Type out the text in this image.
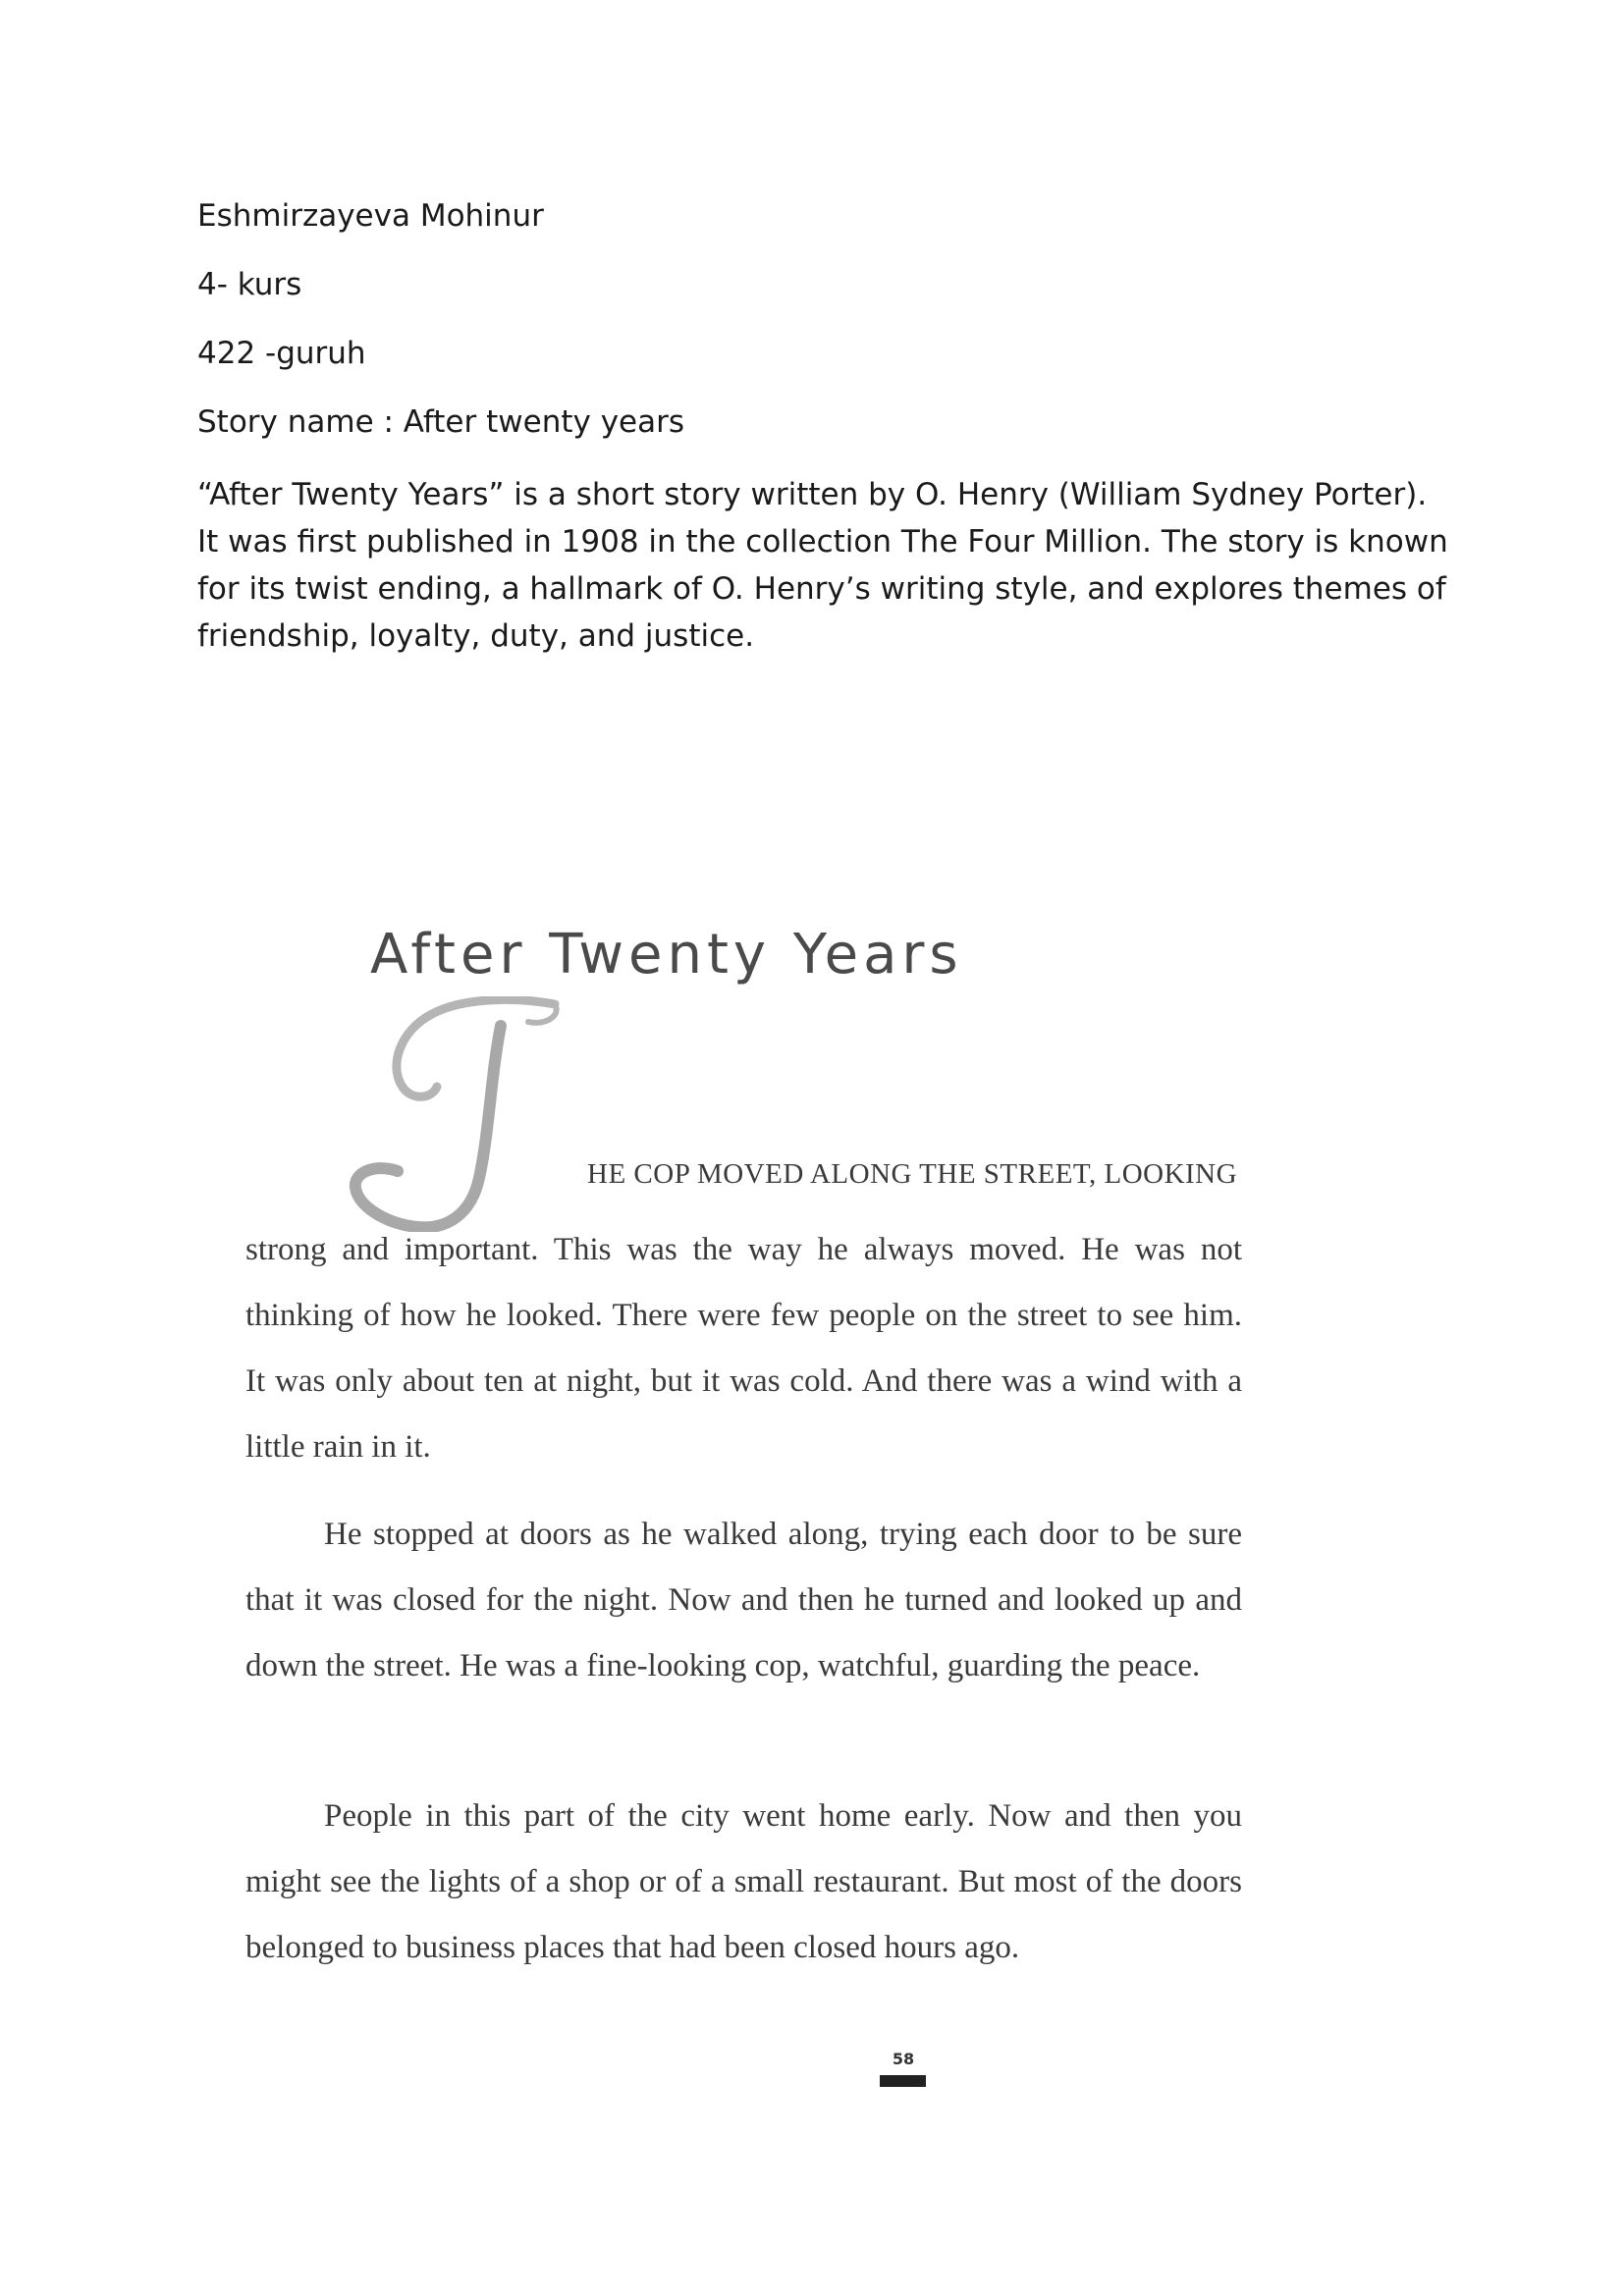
Eshmirzayeva Mohinur

4- kurs

422 -guruh

Story name : After twenty years

“After Twenty Years” is a short story written by O. Henry (William Sydney Porter). It was first published in 1908 in the collection The Four Million. The story is known for its twist ending, a hallmark of O. Henry’s writing style, and explores themes of friendship, loyalty, duty, and justice.

After Twenty Years
T
HE COP MOVED ALONG THE STREET, LOOKING

strong and important. This was the way he always moved. He was not thinking of how he looked. There were few people on the street to see him. It was only about ten at night, but it was cold. And there was a wind with a little rain in it.

He stopped at doors as he walked along, trying each door to be sure that it was closed for the night. Now and then he turned and looked up and down the street. He was a fine-looking cop, watchful, guarding the peace.

People in this part of the city went home early. Now and then you might see the lights of a shop or of a small restaurant. But most of the doors belonged to business places that had been closed hours ago.

58
